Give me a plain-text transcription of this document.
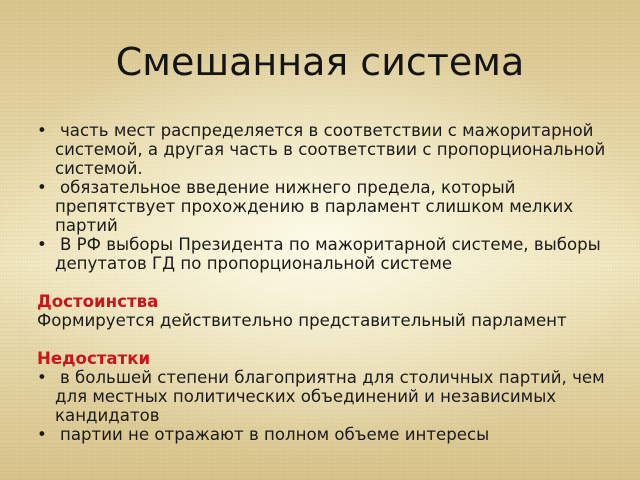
Смешанная система
• часть мест распределяется в соответствии с мажоритарной системой, а другая часть в соответствии с пропорциональной системой.
• обязательное введение нижнего предела, который препятствует прохождению в парламент слишком мелких партий
• В РФ выборы Президента по мажоритарной системе, выборы депутатов ГД по пропорциональной системе
Достоинства

Формируется действительно представительный парламент

Недостатки
• в большей степени благоприятна для столичных партий, чем для местных политических объединений и независимых кандидатов
• партии не отражают в полном объеме интересы
